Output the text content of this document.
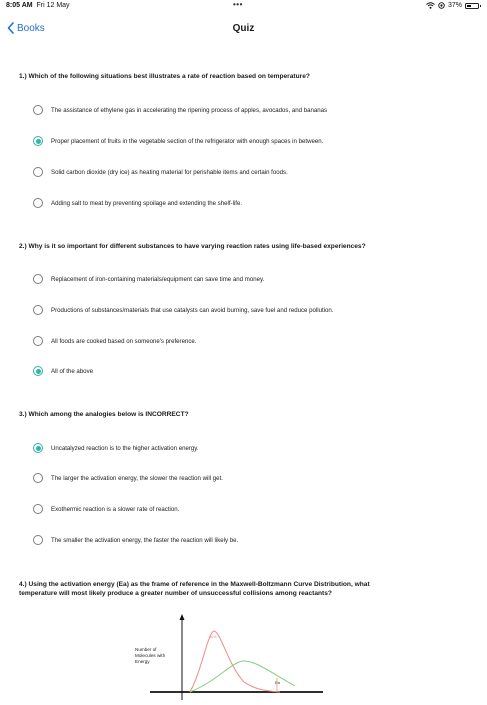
8:05 AM Fri 12 May	•••	37%
Books	Quiz
1.) Which of the following situations best illustrates a rate of reaction based on temperature?
The assistance of ethylene gas in accelerating the ripening process of apples, avocados, and bananas
Proper placement of fruits in the vegetable section of the refrigerator with enough spaces in between.
Solid carbon dioxide (dry ice) as heating material for perishable items and certain foods.
Adding salt to meat by preventing spoilage and extending the shelf-life.
2.) Why is it so important for different substances to have varying reaction rates using life-based experiences?
Replacement of iron-containing materials/equipment can save time and money.
Productions of substances/materials that use catalysts can avoid burning, save fuel and reduce pollution.
All foods are cooked based on someone's preference.
All of the above
3.) Which among the analogies below is INCORRECT?
Uncatalyzed reaction is to the higher activation energy.
The larger the activation energy, the slower the reaction will get.
Exothermic reaction is a slower rate of reaction.
The smaller the activation energy, the faster the reaction will likely be.
4.) Using the activation energy (Ea) as the frame of reference in the Maxwell-Boltzmann Curve Distribution, what
temperature will most likely produce a greater number of unsuccessful collisions among reactants?
Number of
Molecules with
Energy
30%
Ea
